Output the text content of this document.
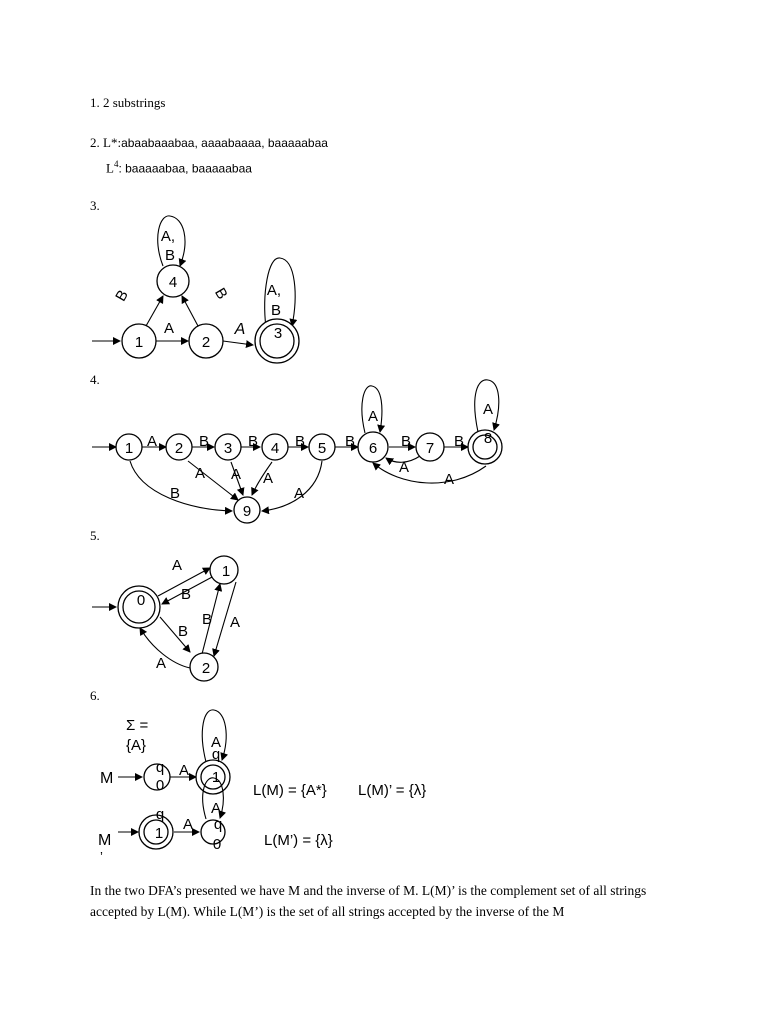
1. 2 substrings
2. L*:abaabaaabaa, aaaabaaaa, baaaaabaa
$L^4$: baaaaabaa, baaaaabaa
3.
4.
5.
6.
1	2
3
4
A	A
B	B
A, B
A, B
1	2	3	4	5	6	7
8
9
A	B	B B	B	B	B
A	A
A
A
A A A
A
B
0
1
2
A
B
B
B
A
A
Σ =
{A}
M
q
0
q
1
A
A
M
’
q
1
q
0
A
A
L(M) = {A*} L(M)’ = {λ}
L(M’) = {λ}
In the two DFA’s presented we have M and the inverse of M. L(M)’ is the complement set of all strings accepted by L(M). While L(M’) is the set of all strings accepted by the inverse of the M
